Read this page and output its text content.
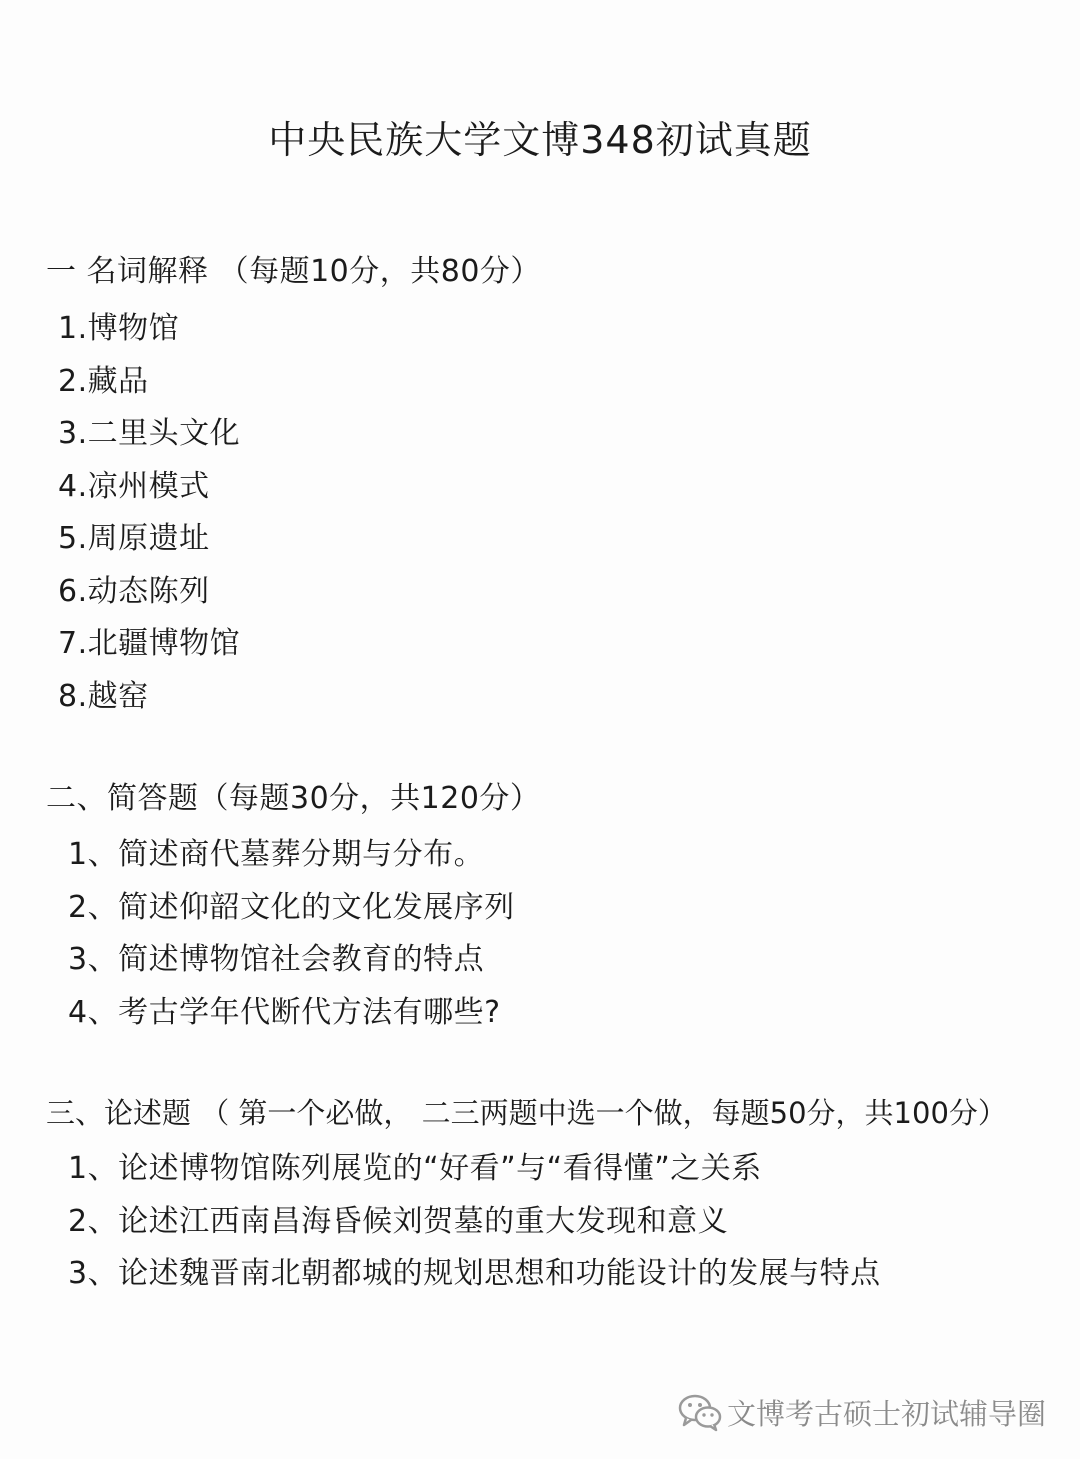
中央民族大学文博348初试真题
一 名词解释 （每题10分，共80分）
1.博物馆
2.藏品
3.二里头文化
4.凉州模式
5.周原遗址
6.动态陈列
7.北疆博物馆
8.越窑
二、简答题（每题30分，共120分）
1、简述商代墓葬分期与分布。
2、简述仰韶文化的文化发展序列
3、简述博物馆社会教育的特点
4、考古学年代断代方法有哪些?
三、论述题 （ 第一个必做， 二三两题中选一个做，每题50分，共100分）
1、论述博物馆陈列展览的“好看”与“看得懂”之关系
2、论述江西南昌海昏候刘贺墓的重大发现和意义
3、论述魏晋南北朝都城的规划思想和功能设计的发展与特点
文博考古硕士初试辅导圈
